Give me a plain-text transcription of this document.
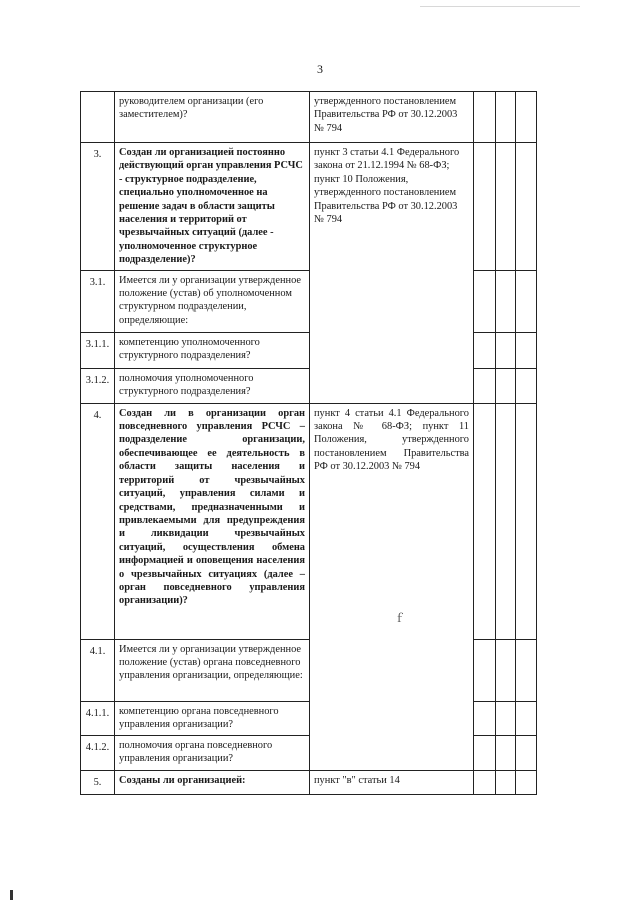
3
	руководителем организации (его заместителем)?	утвержденного постановлением Правительства РФ от 30.12.2003 № 794			
3.	Создан ли организацией постоянно действующий орган управления РСЧС - структурное подразделение, специально уполномоченное на решение задач в области защиты населения и территорий от чрезвычайных ситуаций (далее - уполномоченное структурное подразделение)?	пункт 3 статьи 4.1 Федерального закона от 21.12.1994 № 68-ФЗ; пункт 10 Положения, утвержденного постановлением Правительства РФ от 30.12.2003 № 794			
3.1.	Имеется ли у организации утвержденное положение (устав) об уполномоченном структурном подразделении, определяющие:				
3.1.1.	компетенцию уполномоченного структурного подразделения?				
3.1.2.	полномочия уполномоченного структурного подразделения?				
4.	Создан ли в организации орган повседневного управления РСЧС – подразделение организации, обеспечивающее ее деятельность в области защиты населения и территорий от чрезвычайных ситуаций, управления силами и средствами, предназначенными и привлекаемыми для предупреждения и ликвидации чрезвычайных ситуаций, осуществления обмена информацией и оповещения населения о чрезвычайных ситуациях (далее – орган повседневного управления организации)?	пункт 4 статьи 4.1 Федерального закона № 68-ФЗ; пункт 11 Положения, утвержденного постановлением Правительства РФ от 30.12.2003 № 794			
4.1.	Имеется ли у организации утвержденное положение (устав) органа повседневного управления организации, определяющие:				
4.1.1.	компетенцию органа повседневного управления организации?				
4.1.2.	полномочия органа повседневного управления организации?				
5.	Созданы ли организацией:	пункт "в" статьи 14			
ｆ
